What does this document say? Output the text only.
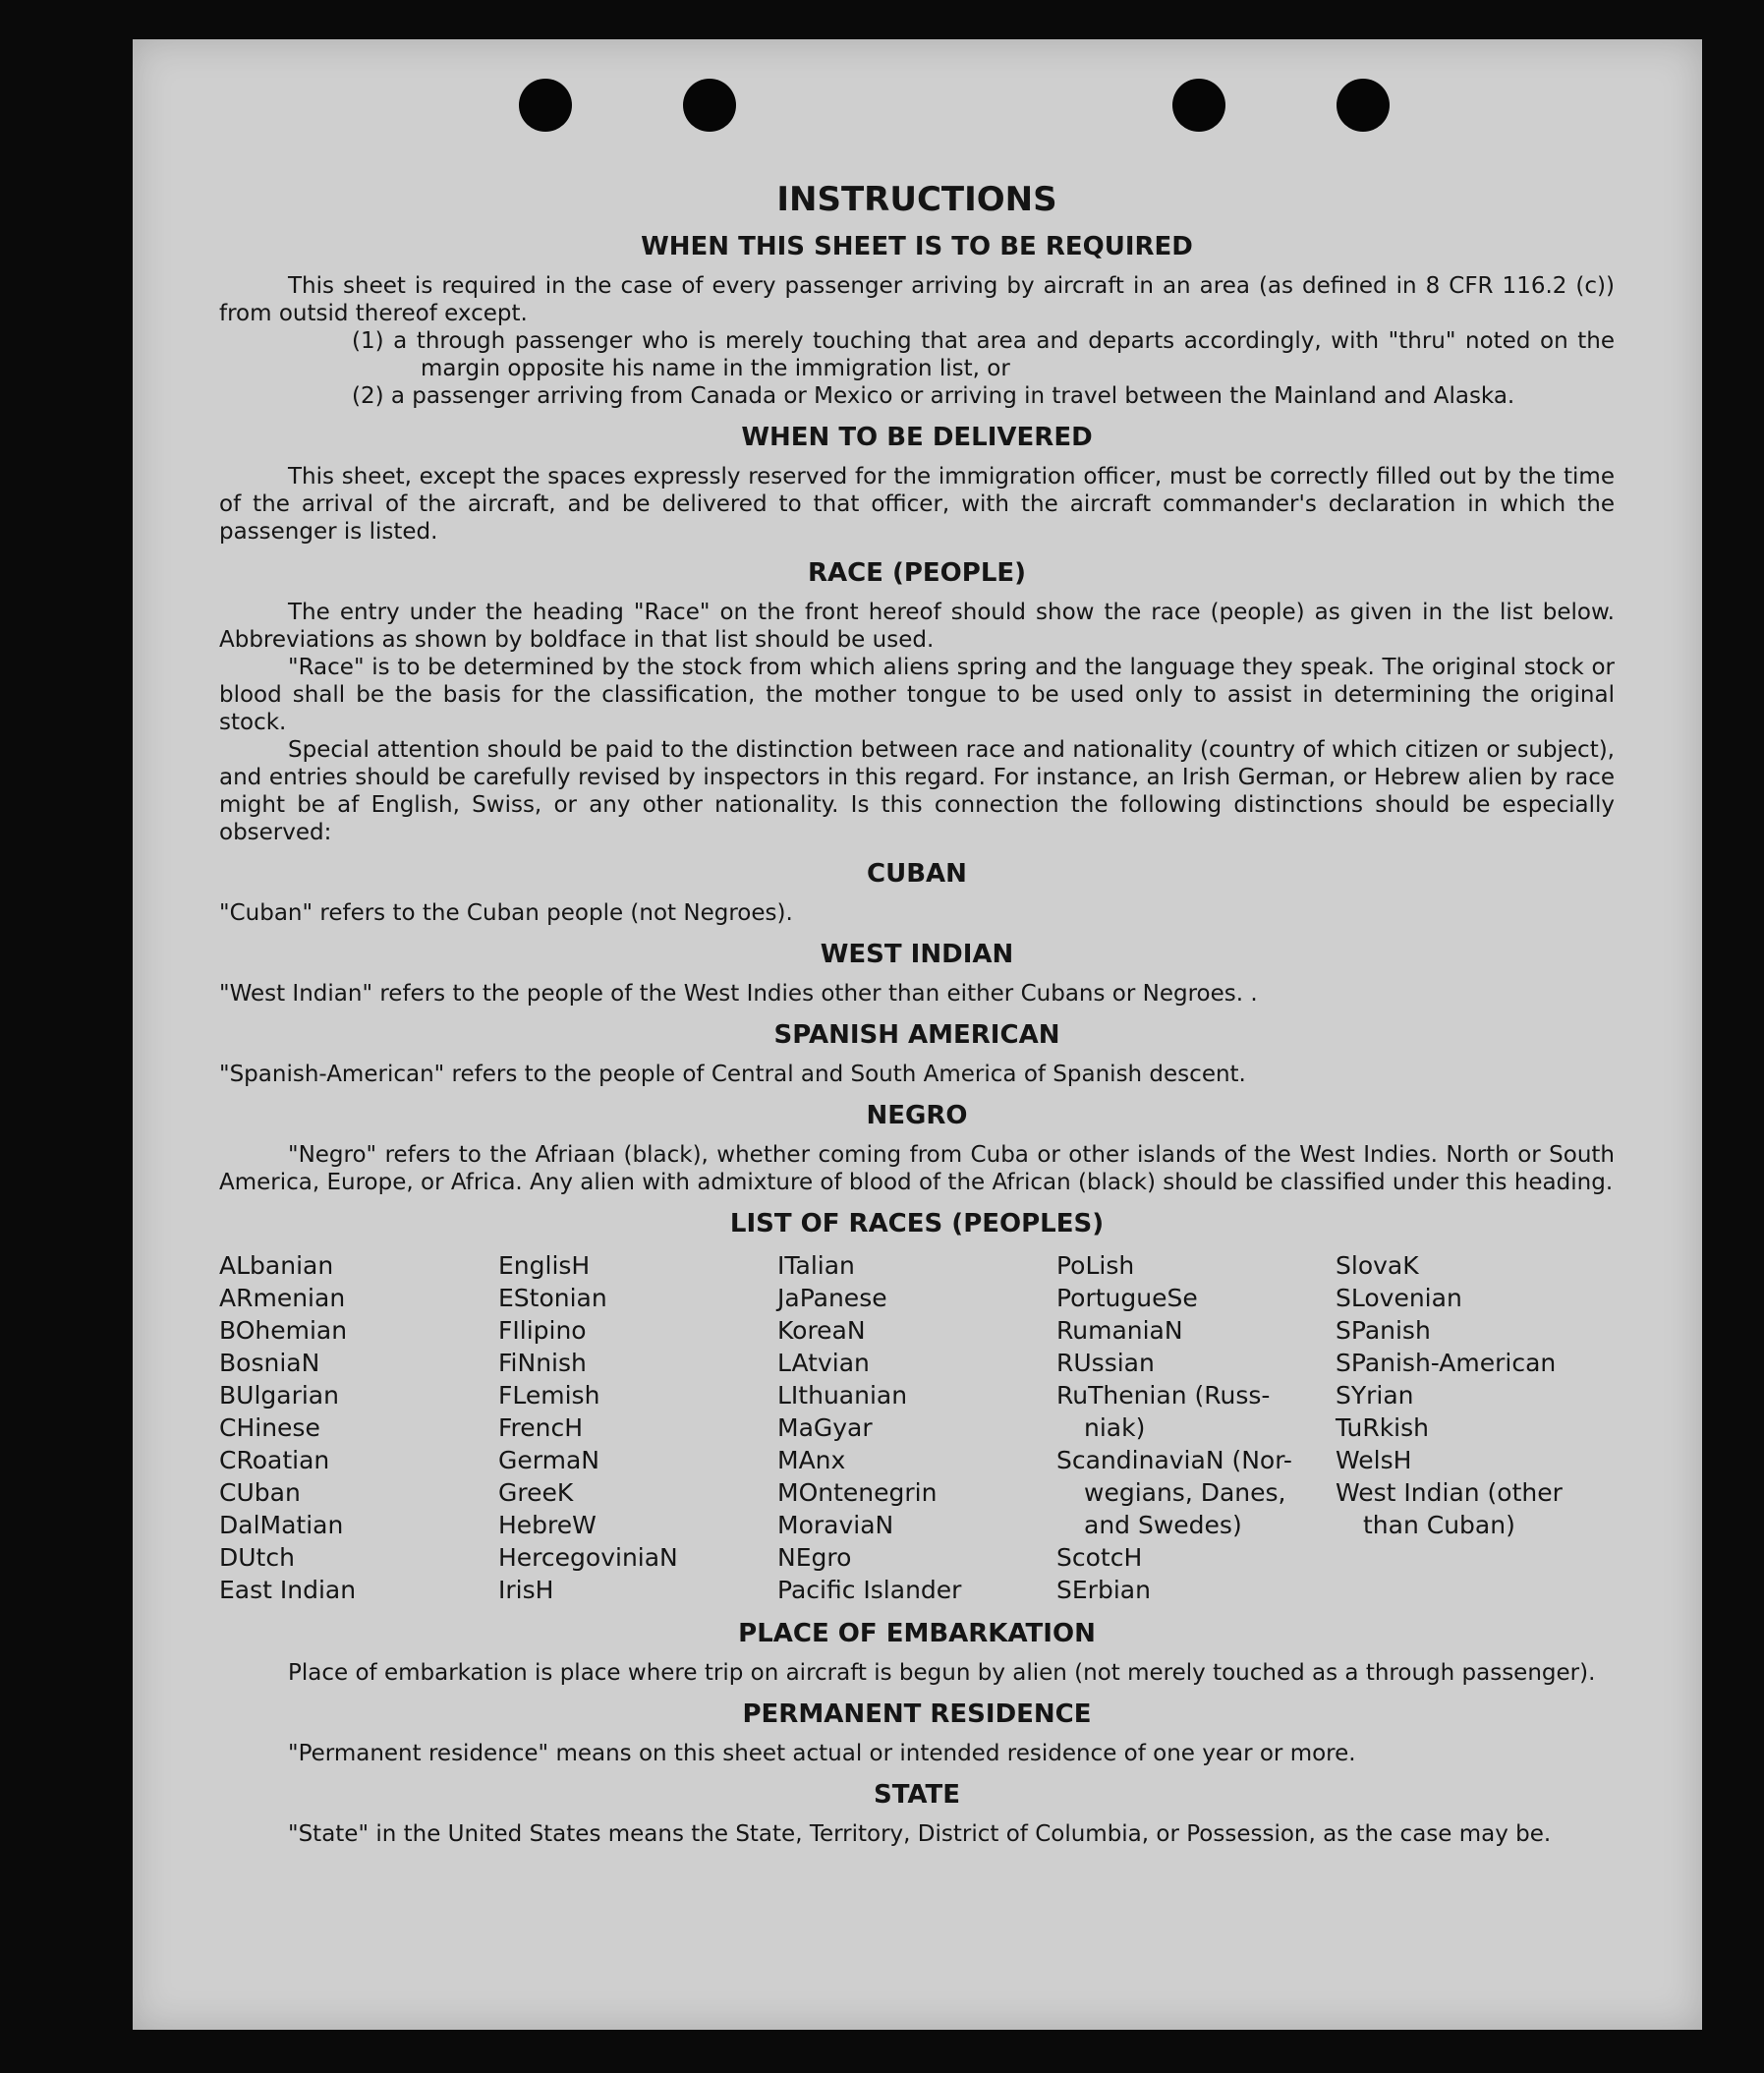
INSTRUCTIONS
WHEN THIS SHEET IS TO BE REQUIRED

This sheet is required in the case of every passenger arriving by aircraft in an area (as defined in 8 CFR 116.2 (c)) from outsid thereof except.

(1) a through passenger who is merely touching that area and departs accordingly, with "thru" noted on the margin opposite his name in the immigration list, or

(2) a passenger arriving from Canada or Mexico or arriving in travel between the Mainland and Alaska.

WHEN TO BE DELIVERED

This sheet, except the spaces expressly reserved for the immigration officer, must be correctly filled out by the time of the arrival of the aircraft, and be delivered to that officer, with the aircraft commander's declaration in which the passenger is listed.

RACE (PEOPLE)

The entry under the heading "Race" on the front hereof should show the race (people) as given in the list below. Abbreviations as shown by boldface in that list should be used.

"Race" is to be determined by the stock from which aliens spring and the language they speak. The original stock or blood shall be the basis for the classification, the mother tongue to be used only to assist in determining the original stock.

Special attention should be paid to the distinction between race and nationality (country of which citizen or subject), and entries should be carefully revised by inspectors in this regard. For instance, an Irish German, or Hebrew alien by race might be af English, Swiss, or any other nationality. Is this connection the following distinctions should be especially observed:

CUBAN

"Cuban" refers to the Cuban people (not Negroes).

WEST INDIAN

"West Indian" refers to the people of the West Indies other than either Cubans or Negroes. .

SPANISH AMERICAN

"Spanish-American" refers to the people of Central and South America of Spanish descent.

NEGRO

"Negro" refers to the Afriaan (black), whether coming from Cuba or other islands of the West Indies. North or South America, Europe, or Africa. Any alien with admixture of blood of the African (black) should be classified under this heading.

LIST OF RACES (PEOPLES)
ALbanian
ARmenian
BOhemian
BosniaN
BUlgarian
CHinese
CRoatian
CUban
DalMatian
DUtch
East Indian
EnglisH
EStonian
FIlipino
FiNnish
FLemish
FrencH
GermaN
GreeK
HebreW
HercegoviniaN
IrisH
ITalian
JaPanese
KoreaN
LAtvian
LIthuanian
MaGyar
MAnx
MOntenegrin
MoraviaN
NEgro
Pacific Islander
PoLish
PortugueSe
RumaniaN
RUssian
RuThenian (Russ-
niak)
ScandinaviaN (Nor-
wegians, Danes,
and Swedes)
ScotcH
SErbian
SlovaK
SLovenian
SPanish
SPanish-American
SYrian
TuRkish
WelsH
West Indian (other
than Cuban)
PLACE OF EMBARKATION

Place of embarkation is place where trip on aircraft is begun by alien (not merely touched as a through passenger).

PERMANENT RESIDENCE

"Permanent residence" means on this sheet actual or intended residence of one year or more.

STATE

"State" in the United States means the State, Territory, District of Columbia, or Possession, as the case may be.
